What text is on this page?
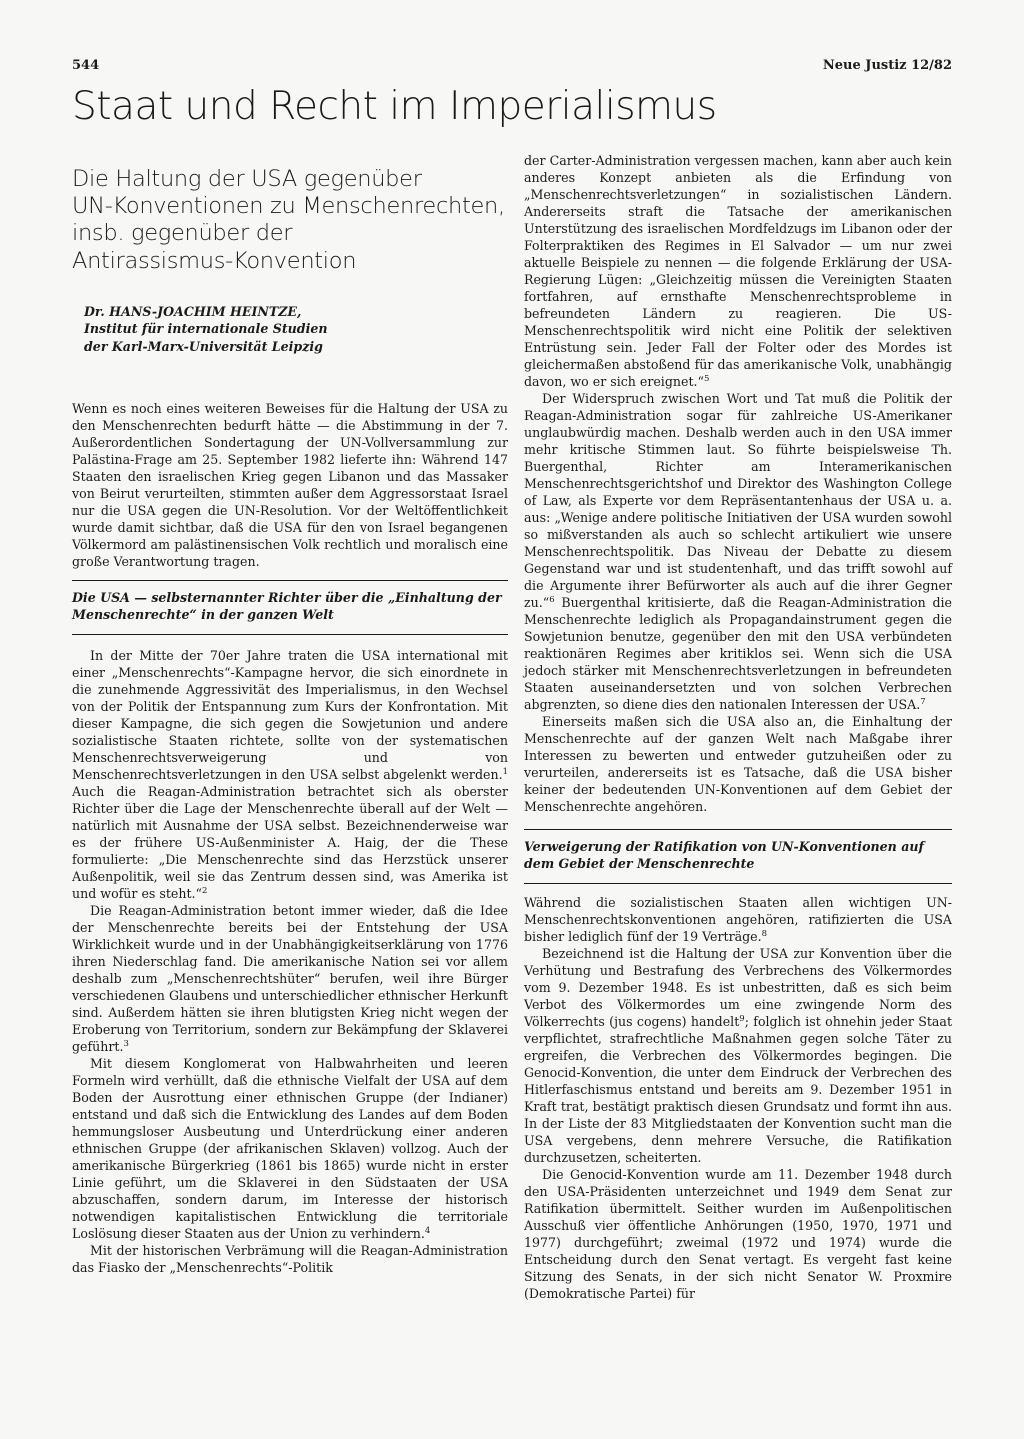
544	Neue Justiz 12/82
Staat und Recht im Imperialismus
Die Haltung der USA gegenüber
UN-Konventionen zu Menschenrechten,
insb. gegenüber der
Antirassismus-Konvention
Dr. HANS-JOACHIM HEINTZE,
Institut für internationale Studien
der Karl-Marx-Universität Leipzig

Wenn es noch eines weiteren Beweises für die Haltung der USA zu den Menschenrechten bedurft hätte — die Abstimmung in der 7. Außerordentlichen Sondertagung der UN-Vollversammlung zur Palästina-Frage am 25. September 1982 lieferte ihn: Während 147 Staaten den israelischen Krieg gegen Libanon und das Massaker von Beirut verurteilten, stimmten außer dem Aggressorstaat Israel nur die USA gegen die UN-Resolution. Vor der Weltöffentlichkeit wurde damit sichtbar, daß die USA für den von Israel begangenen Völkermord am palästinensischen Volk rechtlich und moralisch eine große Verantwortung tragen.

Die USA — selbsternannter Richter über die „Einhaltung der Menschenrechte“ in der ganzen Welt

In der Mitte der 70er Jahre traten die USA international mit einer „Menschenrechts“-Kampagne hervor, die sich einordnete in die zunehmende Aggressivität des Imperialismus, in den Wechsel von der Politik der Entspannung zum Kurs der Konfrontation. Mit dieser Kampagne, die sich gegen die Sowjetunion und andere sozialistische Staaten richtete, sollte von der systematischen Menschenrechtsverweigerung und von Menschenrechtsverletzungen in den USA selbst abgelenkt werden.$^1$ Auch die Reagan-Administration betrachtet sich als oberster Richter über die Lage der Menschenrechte überall auf der Welt — natürlich mit Ausnahme der USA selbst. Bezeichnenderweise war es der frühere US-Außenminister A. Haig, der die These formulierte: „Die Menschenrechte sind das Herzstück unserer Außenpolitik, weil sie das Zentrum dessen sind, was Amerika ist und wofür es steht.“$^2$

Die Reagan-Administration betont immer wieder, daß die Idee der Menschenrechte bereits bei der Entstehung der USA Wirklichkeit wurde und in der Unabhängigkeitserklärung von 1776 ihren Niederschlag fand. Die amerikanische Nation sei vor allem deshalb zum „Menschenrechtshüter“ berufen, weil ihre Bürger verschiedenen Glaubens und unterschiedlicher ethnischer Herkunft sind. Außerdem hätten sie ihren blutigsten Krieg nicht wegen der Eroberung von Territorium, sondern zur Bekämpfung der Sklaverei geführt.$^3$

Mit diesem Konglomerat von Halbwahrheiten und leeren Formeln wird verhüllt, daß die ethnische Vielfalt der USA auf dem Boden der Ausrottung einer ethnischen Gruppe (der Indianer) entstand und daß sich die Entwicklung des Landes auf dem Boden hemmungsloser Ausbeutung und Unterdrückung einer anderen ethnischen Gruppe (der afrikanischen Sklaven) vollzog. Auch der amerikanische Bürgerkrieg (1861 bis 1865) wurde nicht in erster Linie geführt, um die Sklaverei in den Südstaaten der USA abzuschaffen, sondern darum, im Interesse der historisch notwendigen kapitalistischen Entwicklung die territoriale Loslösung dieser Staaten aus der Union zu verhindern.$^4$

Mit der historischen Verbrämung will die Reagan-Administration das Fiasko der „Menschenrechts“-Politik

der Carter-Administration vergessen machen, kann aber auch kein anderes Konzept anbieten als die Erfindung von „Menschenrechtsverletzungen“ in sozialistischen Ländern. Andererseits straft die Tatsache der amerikanischen Unterstützung des israelischen Mordfeldzugs im Libanon oder der Folterpraktiken des Regimes in El Salvador — um nur zwei aktuelle Beispiele zu nennen — die folgende Erklärung der USA-Regierung Lügen: „Gleichzeitig müssen die Vereinigten Staaten fortfahren, auf ernsthafte Menschenrechtsprobleme in befreundeten Ländern zu reagieren. Die US-Menschenrechtspolitik wird nicht eine Politik der selektiven Entrüstung sein. Jeder Fall der Folter oder des Mordes ist gleichermaßen abstoßend für das amerikanische Volk, unabhängig davon, wo er sich ereignet.“$^5$

Der Widerspruch zwischen Wort und Tat muß die Politik der Reagan-Administration sogar für zahlreiche US-Amerikaner unglaubwürdig machen. Deshalb werden auch in den USA immer mehr kritische Stimmen laut. So führte beispielsweise Th. Buergenthal, Richter am Interamerikanischen Menschenrechtsgerichtshof und Direktor des Washington College of Law, als Experte vor dem Repräsentantenhaus der USA u. a. aus: „Wenige andere politische Initiativen der USA wurden sowohl so mißverstanden als auch so schlecht artikuliert wie unsere Menschenrechtspolitik. Das Niveau der Debatte zu diesem Gegenstand war und ist studentenhaft, und das trifft sowohl auf die Argumente ihrer Befürworter als auch auf die ihrer Gegner zu.“$^6$ Buergenthal kritisierte, daß die Reagan-Administration die Menschenrechte lediglich als Propagandainstrument gegen die Sowjetunion benutze, gegenüber den mit den USA verbündeten reaktionären Regimes aber kritiklos sei. Wenn sich die USA jedoch stärker mit Menschenrechtsverletzungen in befreundeten Staaten auseinandersetzten und von solchen Verbrechen abgrenzten, so diene dies den nationalen Interessen der USA.$^7$

Einerseits maßen sich die USA also an, die Einhaltung der Menschenrechte auf der ganzen Welt nach Maßgabe ihrer Interessen zu bewerten und entweder gutzuheißen oder zu verurteilen, andererseits ist es Tatsache, daß die USA bisher keiner der bedeutenden UN-Konventionen auf dem Gebiet der Menschenrechte angehören.

Verweigerung der Ratifikation von UN-Konventionen auf dem Gebiet der Menschenrechte

Während die sozialistischen Staaten allen wichtigen UN-Menschenrechtskonventionen angehören, ratifizierten die USA bisher lediglich fünf der 19 Verträge.$^8$

Bezeichnend ist die Haltung der USA zur Konvention über die Verhütung und Bestrafung des Verbrechens des Völkermordes vom 9. Dezember 1948. Es ist unbestritten, daß es sich beim Verbot des Völkermordes um eine zwingende Norm des Völkerrechts (jus cogens) handelt$^9$; folglich ist ohnehin jeder Staat verpflichtet, strafrechtliche Maßnahmen gegen solche Täter zu ergreifen, die Verbrechen des Völkermordes begingen. Die Genocid-Konvention, die unter dem Eindruck der Verbrechen des Hitlerfaschismus entstand und bereits am 9. Dezember 1951 in Kraft trat, bestätigt praktisch diesen Grundsatz und formt ihn aus. In der Liste der 83 Mitgliedstaaten der Konvention sucht man die USA vergebens, denn mehrere Versuche, die Ratifikation durchzusetzen, scheiterten.

Die Genocid-Konvention wurde am 11. Dezember 1948 durch den USA-Präsidenten unterzeichnet und 1949 dem Senat zur Ratifikation übermittelt. Seither wurden im Außenpolitischen Ausschuß vier öffentliche Anhörungen (1950, 1970, 1971 und 1977) durchgeführt; zweimal (1972 und 1974) wurde die Entscheidung durch den Senat vertagt. Es vergeht fast keine Sitzung des Senats, in der sich nicht Senator W. Proxmire (Demokratische Partei) für
